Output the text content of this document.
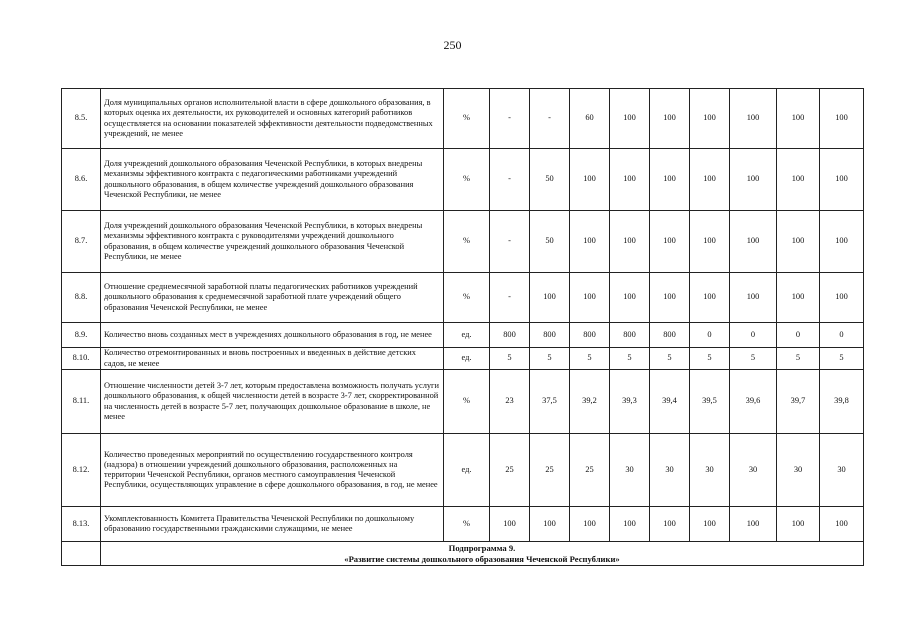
250
8.5.	Доля муниципальных органов исполнительной власти в сфере дошкольного образования, в которых оценка их деятельности, их руководителей и основных категорий работников осуществляется на основании показателей эффективности деятельности подведомственных учреждений, не менее	%	-	-	60	100	100	100	100	100	100
8.6.	Доля учреждений дошкольного образования Чеченской Республики, в которых внедрены механизмы эффективного контракта с педагогическими работниками учреждений дошкольного образования, в общем количестве учреждений дошкольного образования Чеченской Республики, не менее	%	-	50	100	100	100	100	100	100	100
8.7.	Доля учреждений дошкольного образования Чеченской Республики, в которых внедрены механизмы эффективного контракта с руководителями учреждений дошкольного образования, в общем количестве учреждений дошкольного образования Чеченской Республики, не менее	%	-	50	100	100	100	100	100	100	100
8.8.	Отношение среднемесячной заработной платы педагогических работников учреждений дошкольного образования к среднемесячной заработной плате учреждений общего образования Чеченской Республики, не менее	%	-	100	100	100	100	100	100	100	100
8.9.	Количество вновь созданных мест в учреждениях дошкольного образования в год, не менее	ед.	800	800	800	800	800	0	0	0	0
8.10.	Количество отремонтированных и вновь построенных и введенных в действие детских садов, не менее	ед.	5	5	5	5	5	5	5	5	5
8.11.	Отношение численности детей 3-7 лет, которым предоставлена возможность получать услуги дошкольного образования, к общей численности детей в возрасте 3-7 лет, скорректированной на численность детей в возрасте 5-7 лет, получающих дошкольное образование в школе, не менее	%	23	37,5	39,2	39,3	39,4	39,5	39,6	39,7	39,8
8.12.	Количество проведенных мероприятий по осуществлению государственного контроля (надзора) в отношении учреждений дошкольного образования, расположенных на территории Чеченской Республики, органов местного самоуправления Чеченской Республики, осуществляющих управление в сфере дошкольного образования, в год, не менее	ед.	25	25	25	30	30	30	30	30	30
8.13.	Укомплектованность Комитета Правительства Чеченской Республики по дошкольному образованию государственными гражданскими служащими, не менее	%	100	100	100	100	100	100	100	100	100

	Подпрограмма 9.
«Развитие системы дошкольного образования Чеченской Республики»										
